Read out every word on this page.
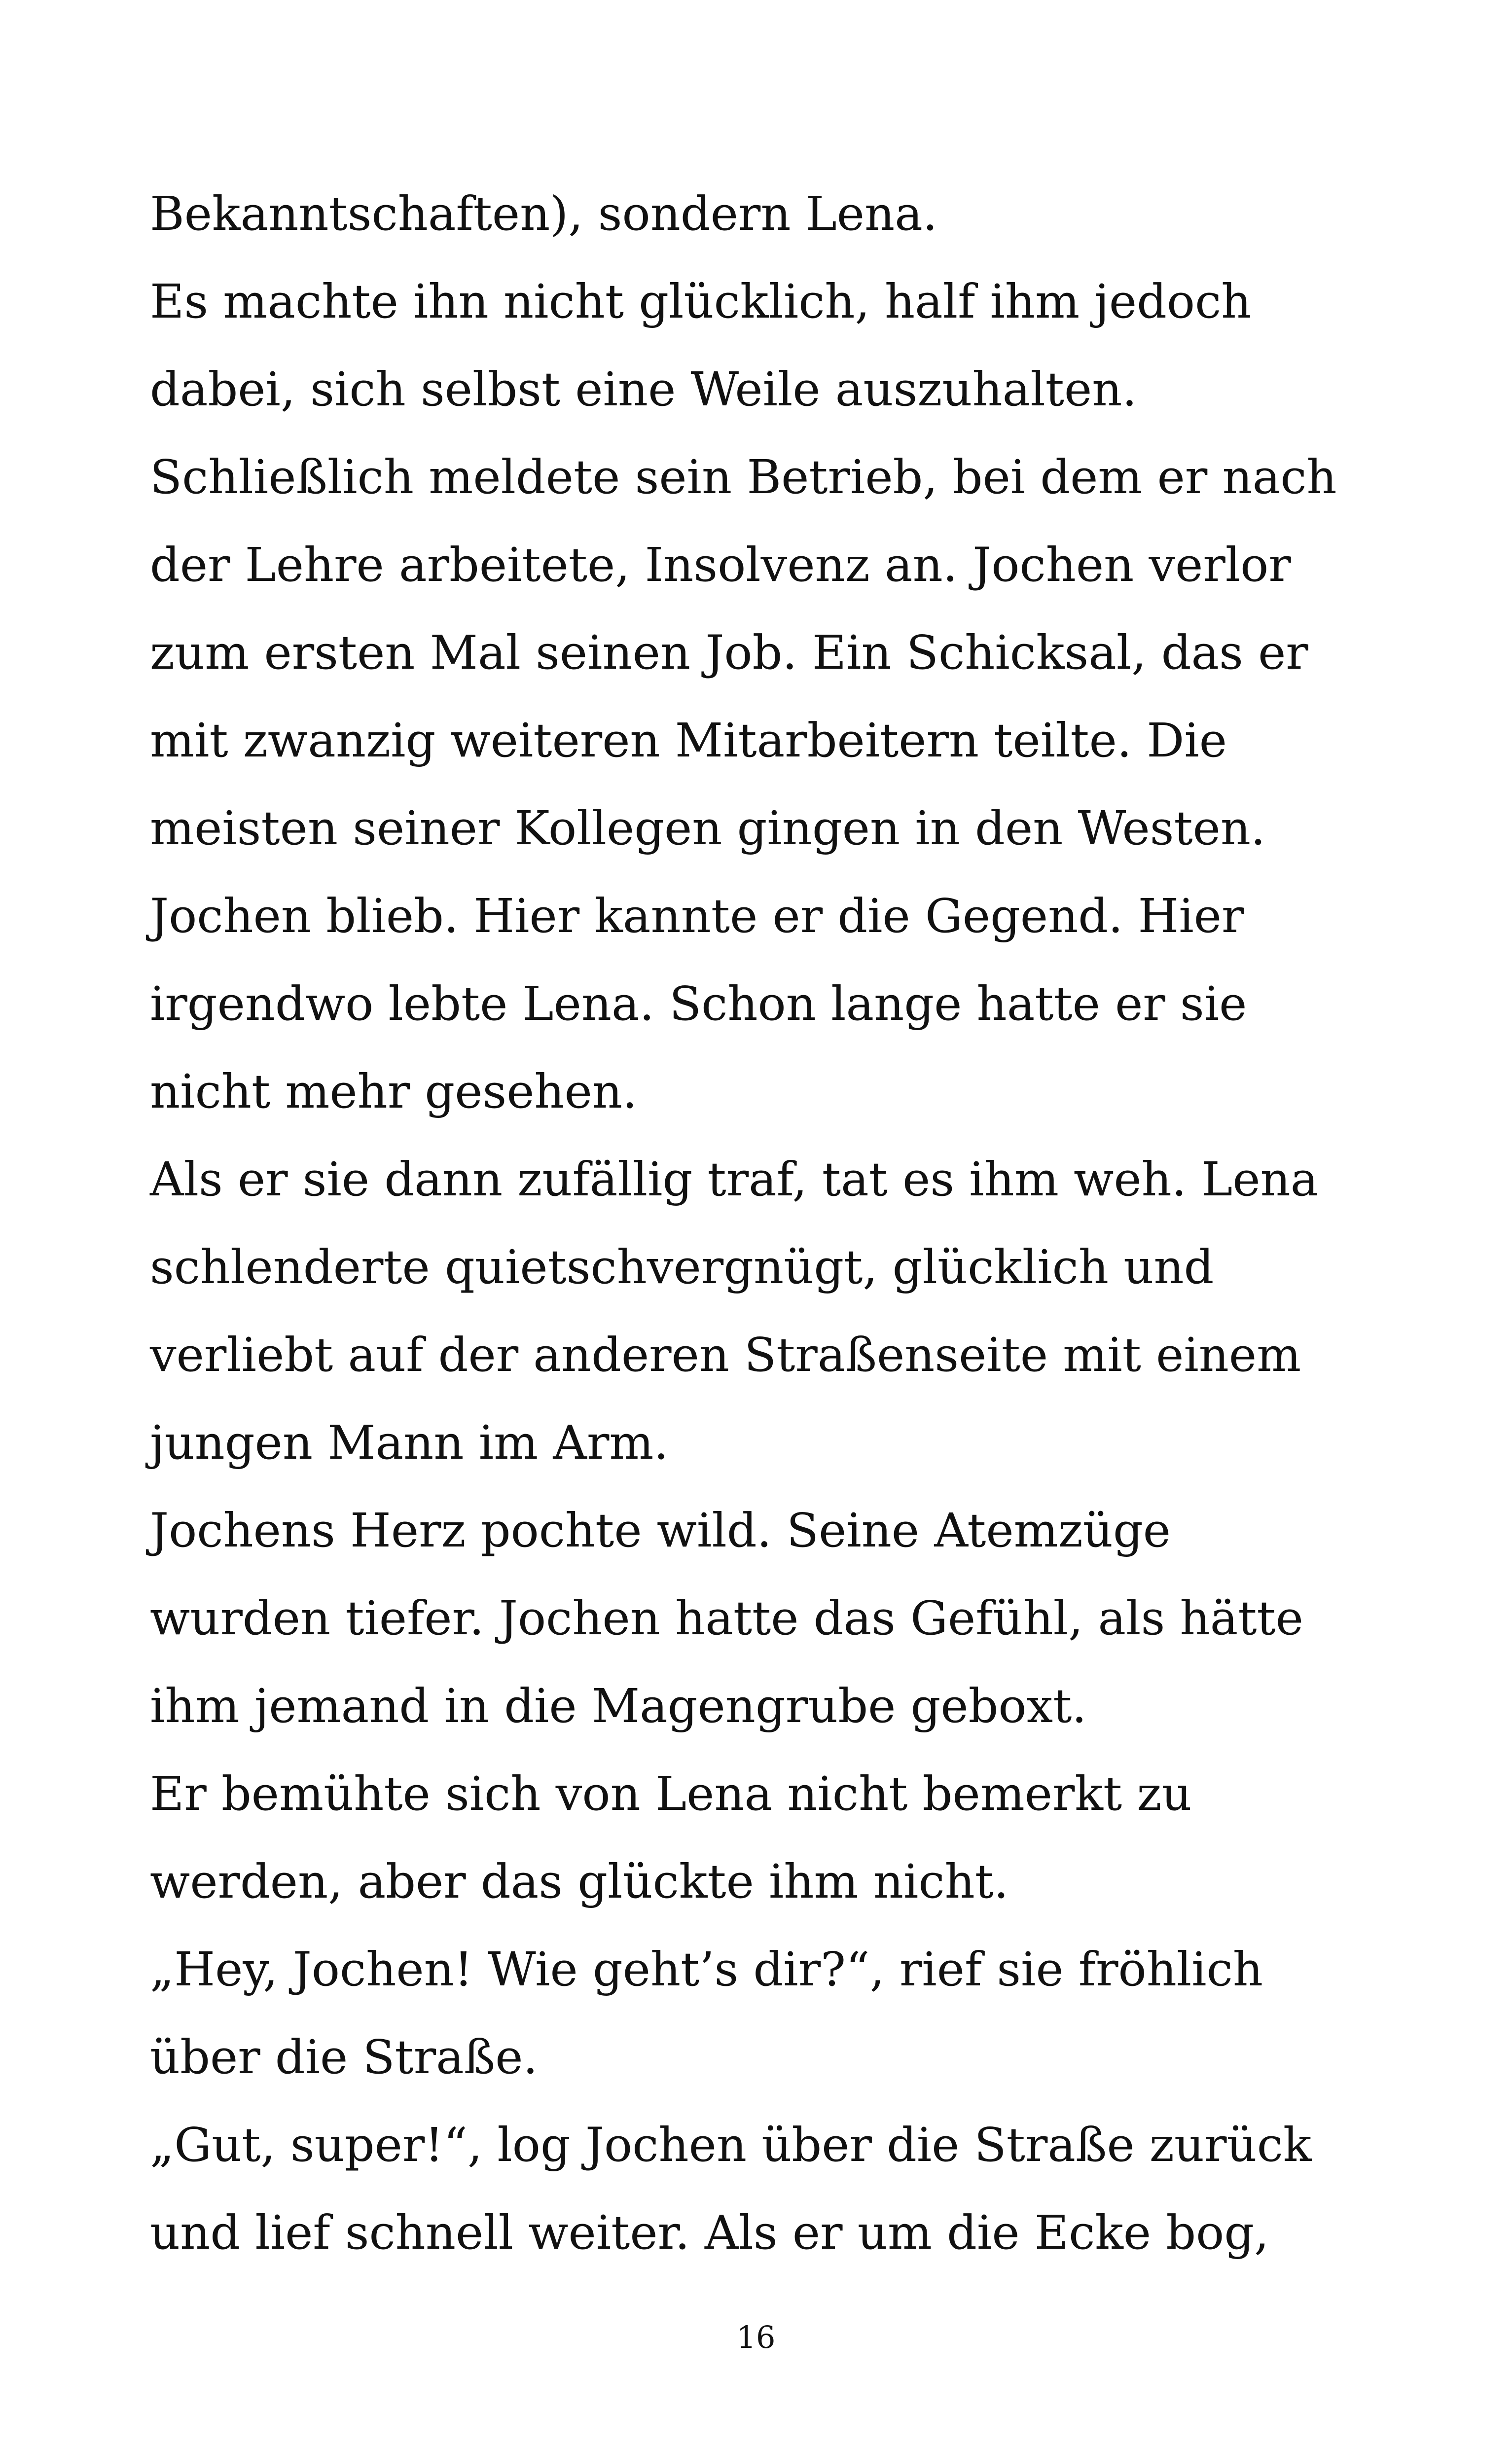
Bekanntschaften), sondern Lena.
Es machte ihn nicht glücklich, half ihm jedoch
dabei, sich selbst eine Weile auszuhalten.
Schließlich meldete sein Betrieb, bei dem er nach
der Lehre arbeitete, Insolvenz an. Jochen verlor
zum ersten Mal seinen Job. Ein Schicksal, das er
mit zwanzig weiteren Mitarbeitern teilte. Die
meisten seiner Kollegen gingen in den Westen.
Jochen blieb. Hier kannte er die Gegend. Hier
irgendwo lebte Lena. Schon lange hatte er sie
nicht mehr gesehen.
Als er sie dann zufällig traf, tat es ihm weh. Lena
schlenderte quietschvergnügt, glücklich und
verliebt auf der anderen Straßenseite mit einem
jungen Mann im Arm.
Jochens Herz pochte wild. Seine Atemzüge
wurden tiefer. Jochen hatte das Gefühl, als hätte
ihm jemand in die Magengrube geboxt.
Er bemühte sich von Lena nicht bemerkt zu
werden, aber das glückte ihm nicht.
„Hey, Jochen! Wie geht’s dir?“, rief sie fröhlich
über die Straße.
„Gut, super!“, log Jochen über die Straße zurück
und lief schnell weiter. Als er um die Ecke bog,
16
